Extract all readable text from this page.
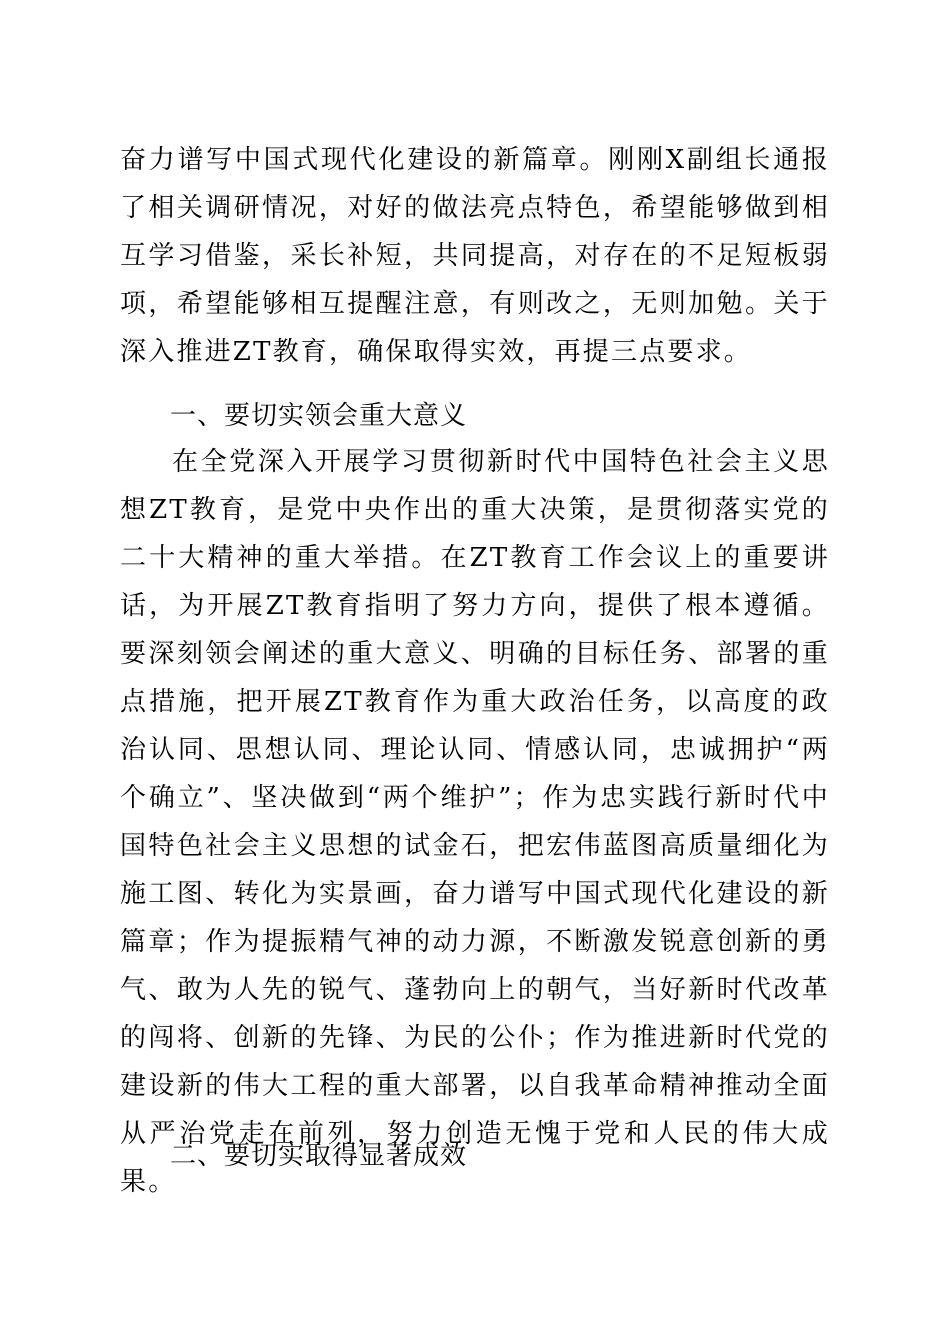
奋力谱写中国式现代化建设的新篇章。刚刚X副组长通报了相关调研情况，对好的做法亮点特色，希望能够做到相互学习借鉴，采长补短，共同提高，对存在的不足短板弱项，希望能够相互提醒注意，有则改之，无则加勉。关于深入推进ZT教育，确保取得实效，再提三点要求。

一、要切实领会重大意义

在全党深入开展学习贯彻新时代中国特色社会主义思想ZT教育，是党中央作出的重大决策，是贯彻落实党的二十大精神的重大举措。在ZT教育工作会议上的重要讲话，为开展ZT教育指明了努力方向，提供了根本遵循。要深刻领会阐述的重大意义、明确的目标任务、部署的重点措施，把开展ZT教育作为重大政治任务，以高度的政治认同、思想认同、理论认同、情感认同，忠诚拥护“两个确立”、坚决做到“两个维护”；作为忠实践行新时代中国特色社会主义思想的试金石，把宏伟蓝图高质量细化为施工图、转化为实景画，奋力谱写中国式现代化建设的新篇章；作为提振精气神的动力源，不断激发锐意创新的勇气、敢为人先的锐气、蓬勃向上的朝气，当好新时代改革的闯将、创新的先锋、为民的公仆；作为推进新时代党的建设新的伟大工程的重大部署，以自我革命精神推动全面从严治党走在前列，努力创造无愧于党和人民的伟大成果。

二、要切实取得显著成效
